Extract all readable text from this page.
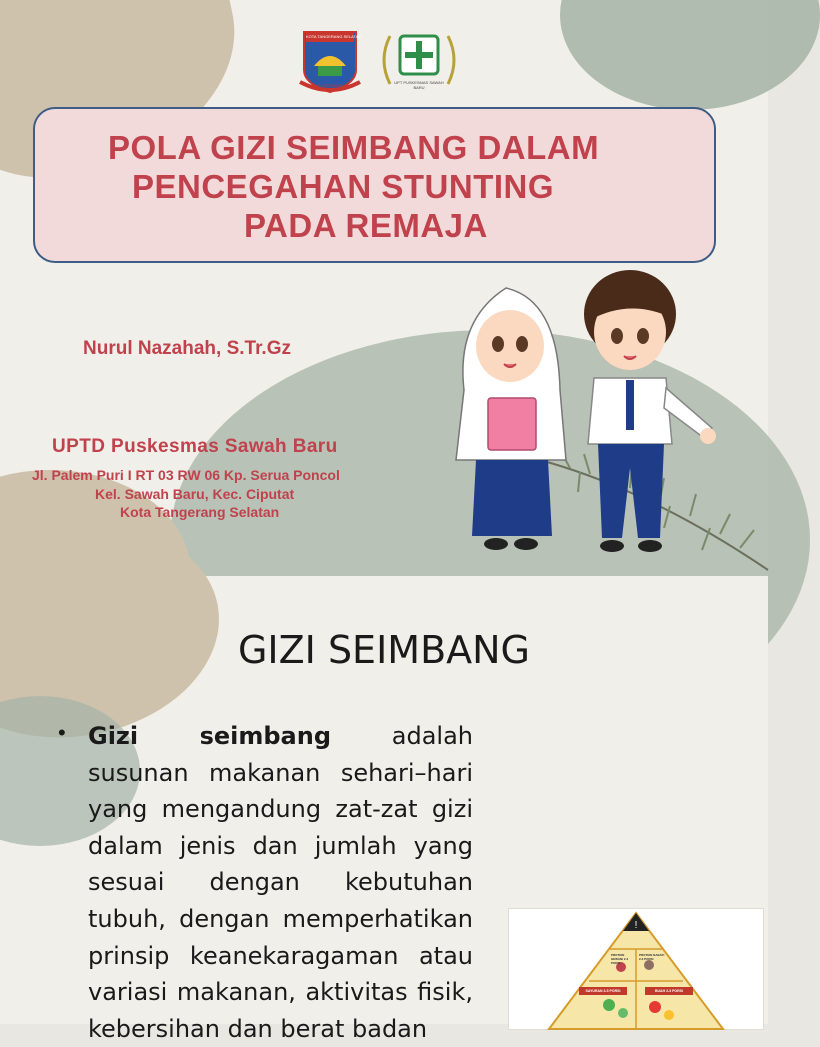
KOTA TANGERANG SELATAN
CERDAS MODERN RELIGIUS
UPT PUSKESMAS SAWAH BARU
POLA GIZI SEIMBANG DALAM
PENCEGAHAN STUNTING
PADA REMAJA
Nurul Nazahah, S.Tr.Gz
UPTD Puskesmas Sawah Baru
Jl. Palem Puri I RT 03 RW 06 Kp. Serua Poncol
Kel. Sawah Baru, Kec. Ciputat
Kota Tangerang Selatan
GIZI SEIMBANG
• Gizi seimbang adalah susunan makanan sehari–hari yang mengandung zat-zat gizi dalam jenis dan jumlah yang sesuai dengan kebutuhan tubuh, dengan memperhatikan prinsip keanekaragaman atau variasi makanan, aktivitas fisik, kebersihan dan berat badan
!
PROTEIN HEWANI 2-3 PORSI
PROTEIN NABATI 2-3 PORSI
SAYURAN 3-5 PORSI	BUAH 2-3 PORSI
